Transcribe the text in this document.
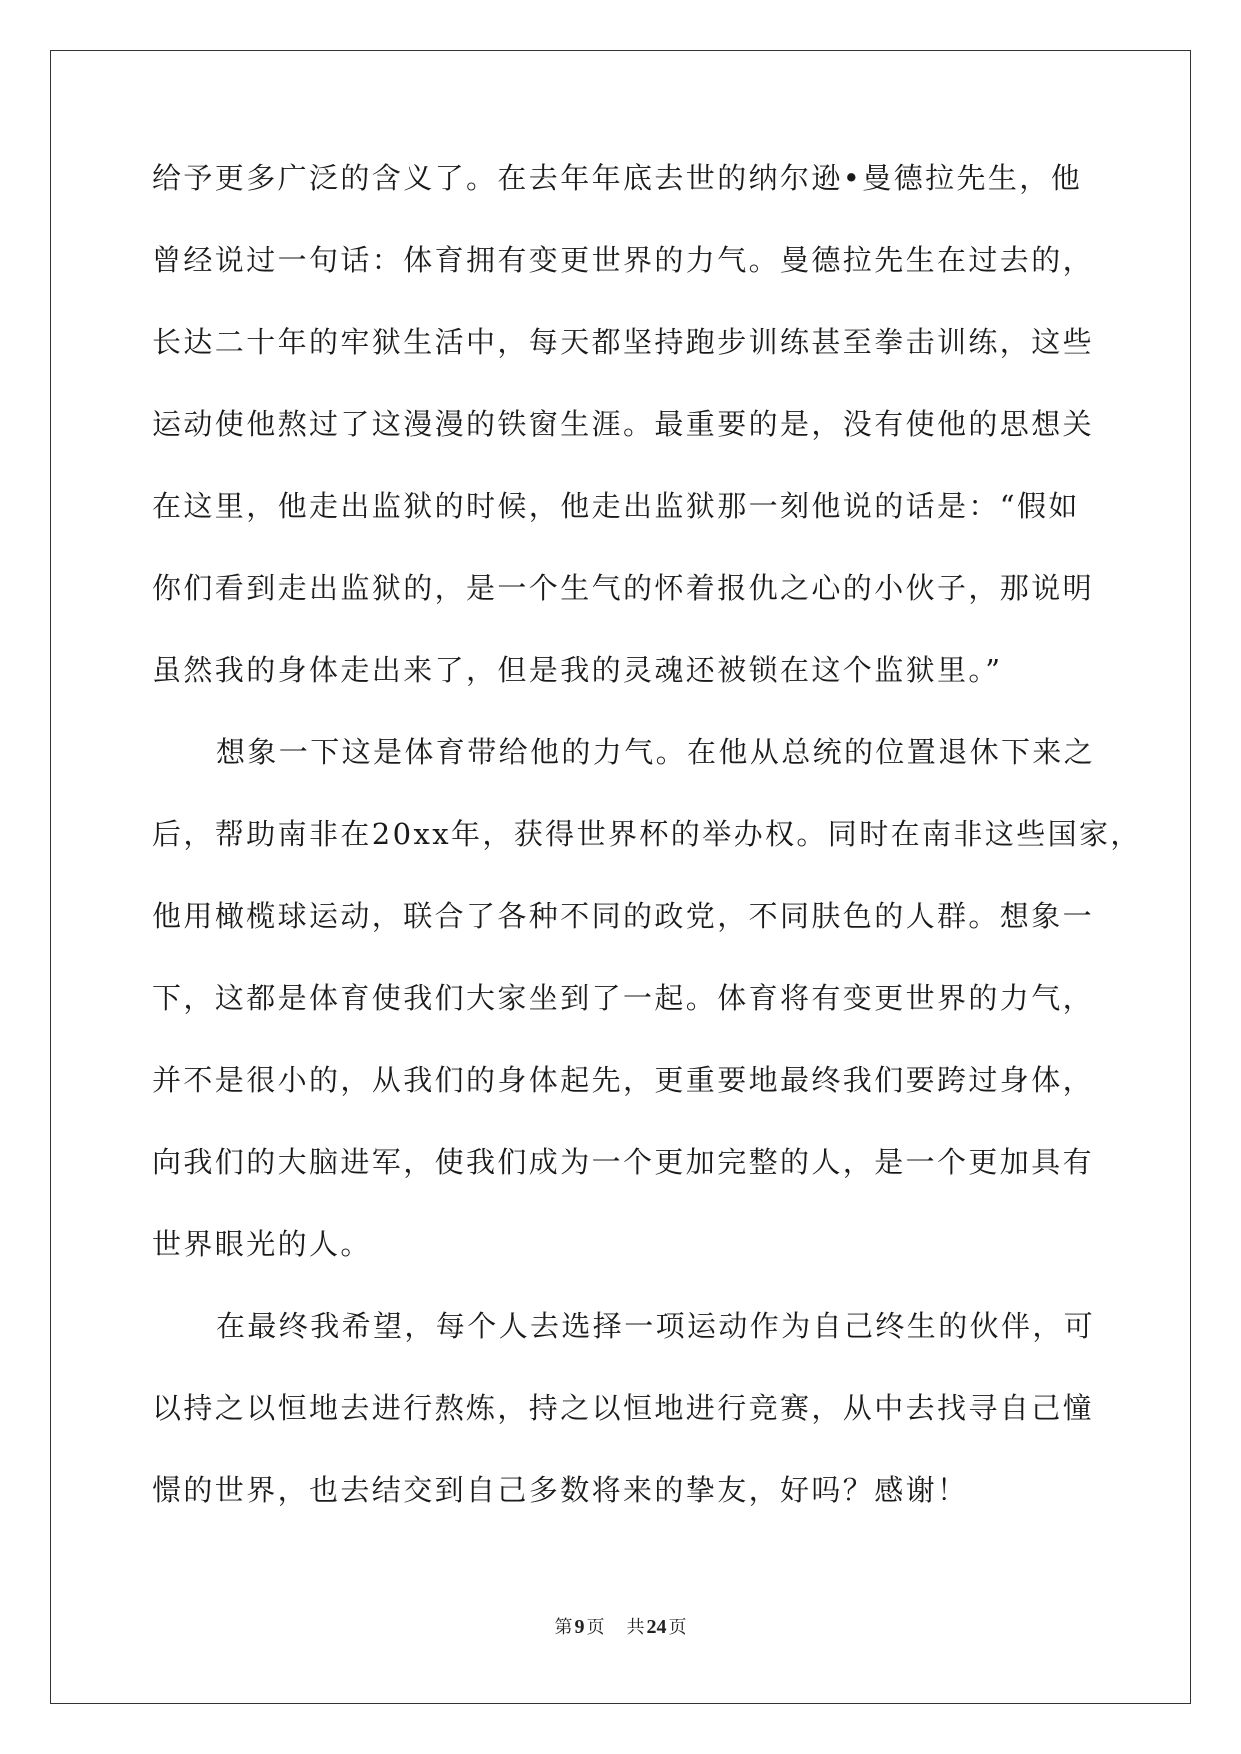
给予更多广泛的含义了。在去年年底去世的纳尔逊•曼德拉先生，他
曾经说过一句话：体育拥有变更世界的力气。曼德拉先生在过去的，
长达二十年的牢狱生活中，每天都坚持跑步训练甚至拳击训练，这些
运动使他熬过了这漫漫的铁窗生涯。最重要的是，没有使他的思想关
在这里，他走出监狱的时候，他走出监狱那一刻他说的话是：“假如
你们看到走出监狱的，是一个生气的怀着报仇之心的小伙子，那说明
虽然我的身体走出来了，但是我的灵魂还被锁在这个监狱里。”
想象一下这是体育带给他的力气。在他从总统的位置退休下来之
后，帮助南非在20xx年，获得世界杯的举办权。同时在南非这些国家，
他用橄榄球运动，联合了各种不同的政党，不同肤色的人群。想象一
下，这都是体育使我们大家坐到了一起。体育将有变更世界的力气，
并不是很小的，从我们的身体起先，更重要地最终我们要跨过身体，
向我们的大脑进军，使我们成为一个更加完整的人，是一个更加具有
世界眼光的人。
在最终我希望，每个人去选择一项运动作为自己终生的伙伴，可
以持之以恒地去进行熬炼，持之以恒地进行竞赛，从中去找寻自己憧
憬的世界，也去结交到自己多数将来的挚友，好吗？感谢！
第 9 页 共 24 页
